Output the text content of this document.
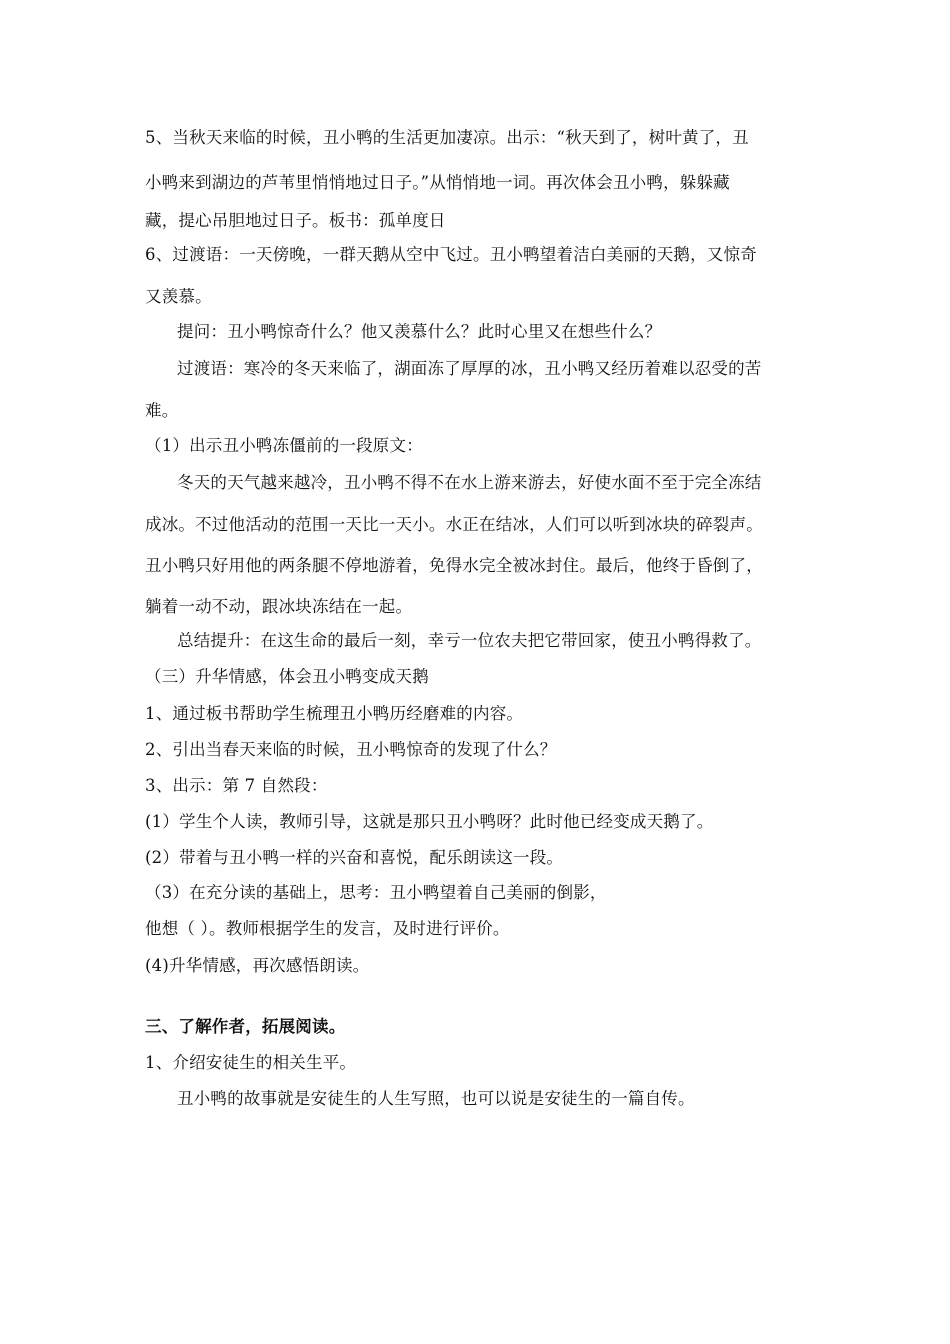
5、当秋天来临的时候，丑小鸭的生活更加凄凉。出示：“秋天到了，树叶黄了，丑
小鸭来到湖边的芦苇里悄悄地过日子。”从悄悄地一词。再次体会丑小鸭，躲躲藏
藏，提心吊胆地过日子。板书：孤单度日
6、过渡语：一天傍晚，一群天鹅从空中飞过。丑小鸭望着洁白美丽的天鹅，又惊奇
又羡慕。
提问：丑小鸭惊奇什么？他又羡慕什么？此时心里又在想些什么？
过渡语：寒冷的冬天来临了，湖面冻了厚厚的冰，丑小鸭又经历着难以忍受的苦
难。
（1）出示丑小鸭冻僵前的一段原文：
冬天的天气越来越冷，丑小鸭不得不在水上游来游去，好使水面不至于完全冻结
成冰。不过他活动的范围一天比一天小。水正在结冰，人们可以听到冰块的碎裂声。
丑小鸭只好用他的两条腿不停地游着，免得水完全被冰封住。最后，他终于昏倒了，
躺着一动不动，跟冰块冻结在一起。
总结提升：在这生命的最后一刻，幸亏一位农夫把它带回家，使丑小鸭得救了。
（三）升华情感，体会丑小鸭变成天鹅
1、通过板书帮助学生梳理丑小鸭历经磨难的内容。
2、引出当春天来临的时候，丑小鸭惊奇的发现了什么？
3、出示：第 7 自然段：
(1）学生个人读，教师引导，这就是那只丑小鸭呀？此时他已经变成天鹅了。
(2）带着与丑小鸭一样的兴奋和喜悦，配乐朗读这一段。
（3）在充分读的基础上，思考：丑小鸭望着自己美丽的倒影，
他想（ ）。教师根据学生的发言，及时进行评价。
(4)升华情感，再次感悟朗读。
三、了解作者，拓展阅读。
1、介绍安徒生的相关生平。
丑小鸭的故事就是安徒生的人生写照，也可以说是安徒生的一篇自传。
